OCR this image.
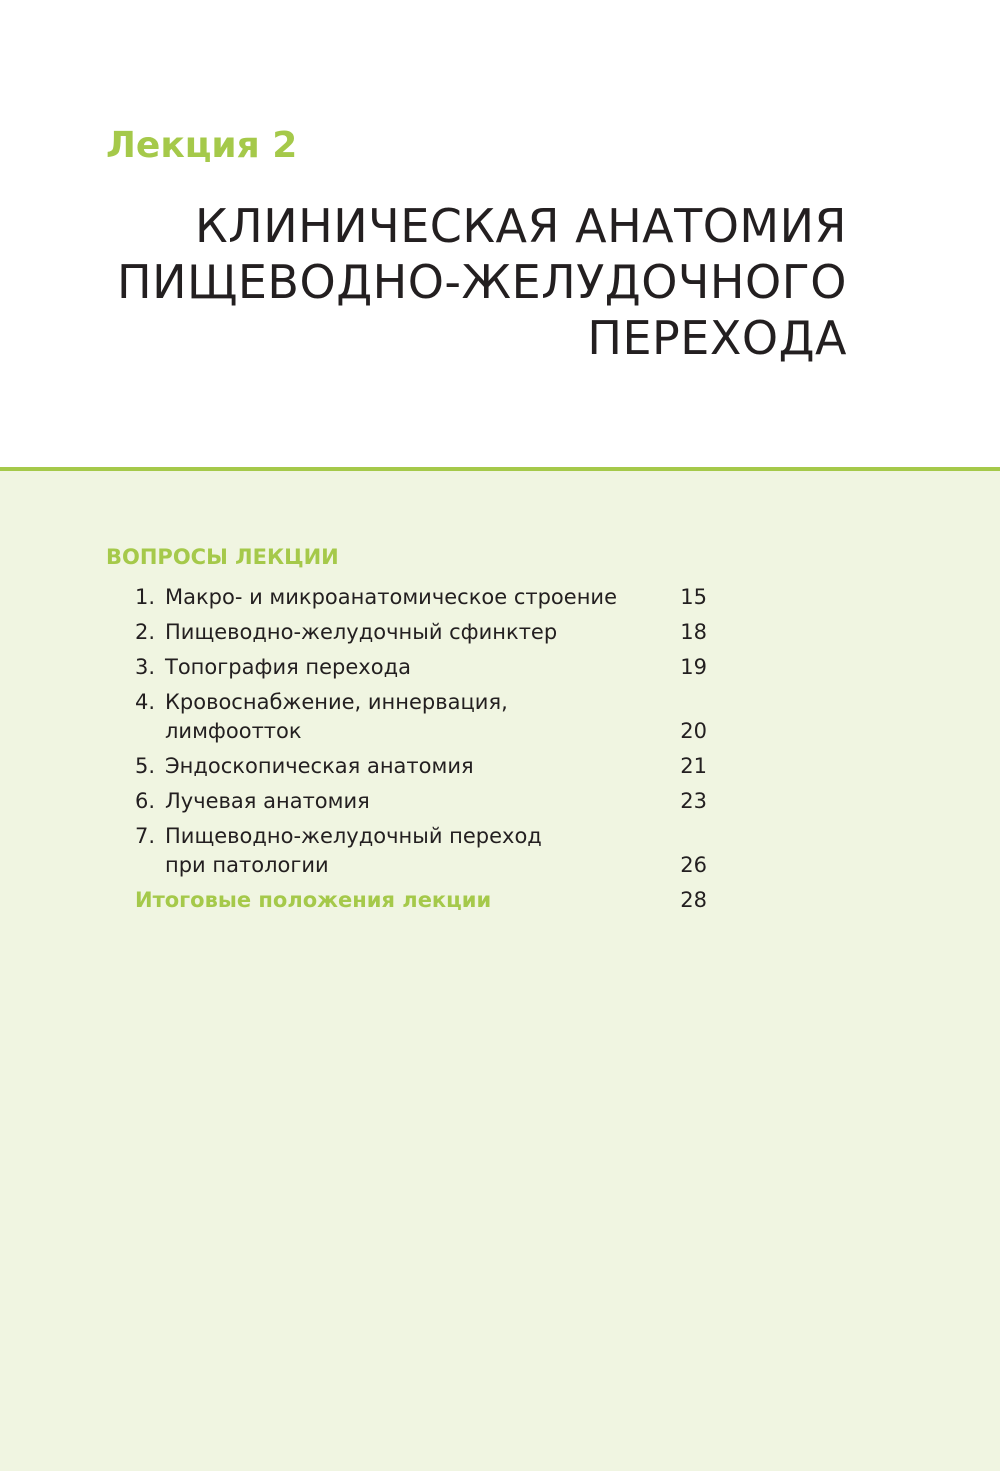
Лекция 2
КЛИНИЧЕСКАЯ АНАТОМИЯ
ПИЩЕВОДНО-ЖЕЛУДОЧНОГО
ПЕРЕХОДА
ВОПРОСЫ ЛЕКЦИИ
1. Макро- и микроанатомическое строение	15
2. Пищеводно-желудочный сфинктер	18
3. Топография перехода	19
4. Кровоснабжение, иннервация,
лимфоотток	20
5. Эндоскопическая анатомия	21
6. Лучевая анатомия	23
7. Пищеводно-желудочный переход
при патологии	26
Итоговые положения лекции	28
